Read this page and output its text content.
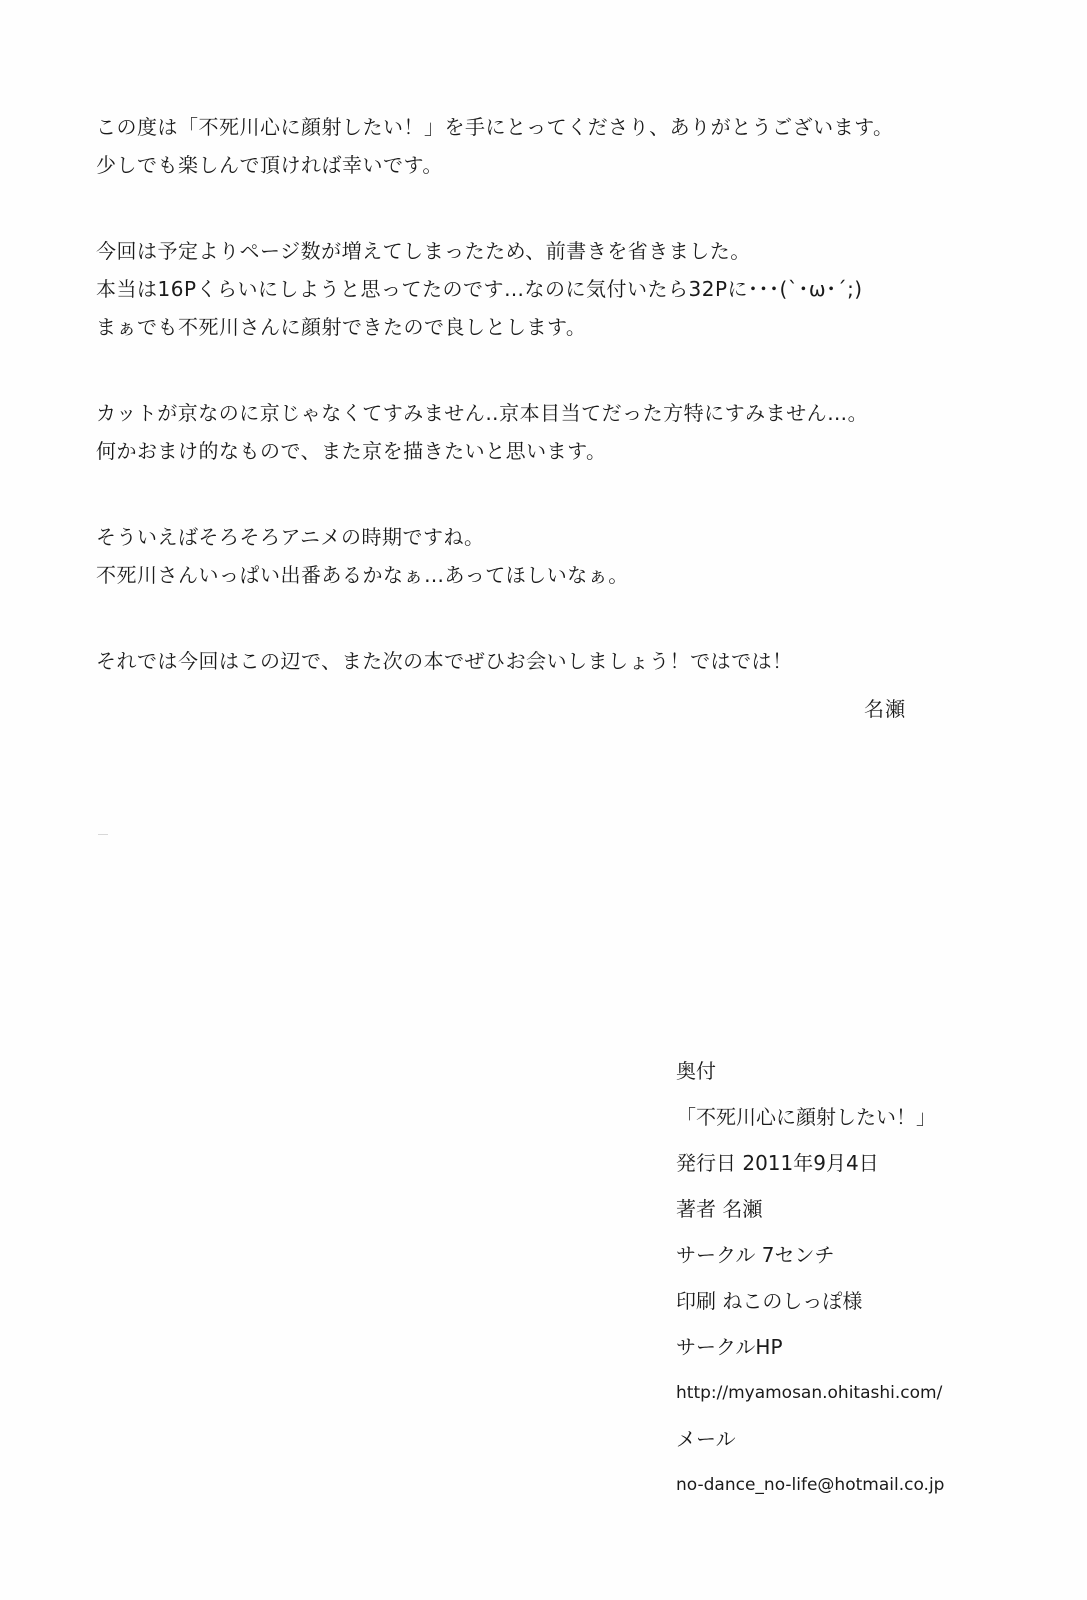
この度は「不死川心に顔射したい！」を手にとってくださり、ありがとうございます。
少しでも楽しんで頂ければ幸いです。
今回は予定よりページ数が増えてしまったため、前書きを省きました。
本当は16Pくらいにしようと思ってたのです…なのに気付いたら32Pに･･･(`･ω･´;)
まぁでも不死川さんに顔射できたので良しとします。
カットが京なのに京じゃなくてすみません‥京本目当てだった方特にすみません…。
何かおまけ的なもので、また京を描きたいと思います。
そういえばそろそろアニメの時期ですね。
不死川さんいっぱい出番あるかなぁ…あってほしいなぁ。
それでは今回はこの辺で、また次の本でぜひお会いしましょう！ではでは！
名瀬
奥付
「不死川心に顔射したい！」
発行日 2011年9月4日
著者 名瀬
サークル 7センチ
印刷 ねこのしっぽ様
サークルHP
http://myamosan.ohitashi.com/
メール
no-dance_no-life@hotmail.co.jp
